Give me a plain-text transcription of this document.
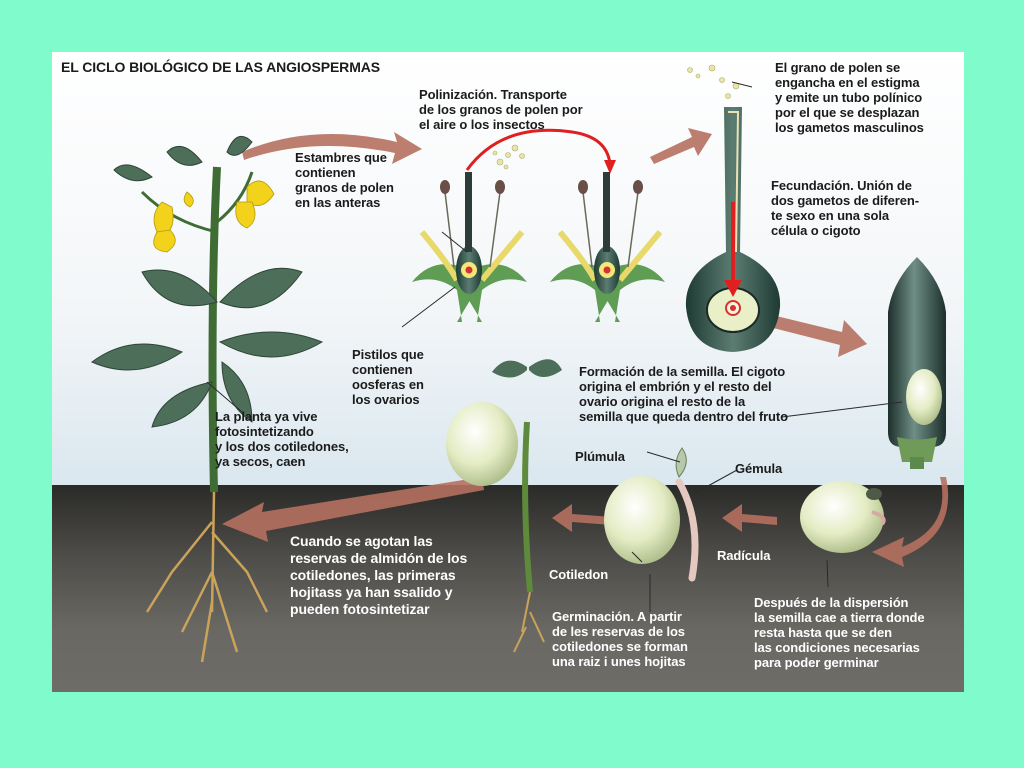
EL CICLO BIOLÓGICO DE LAS ANGIOSPERMAS
Polinización. Transporte
de los granos de polen por
el aire o los insectos
El grano de polen se
engancha en el estigma
y emite un tubo polínico
por el que se desplazan
los gametos masculinos
Estambres que
contienen
granos de polen
en las anteras
Fecundación. Unión de
dos gametos de diferen-
te sexo en una sola
célula o cigoto
Pistilos que
contienen
oosferas en
los ovarios
Formación de la semilla. El cigoto
origina el embrión y el resto del
ovario origina el resto de la
semilla que queda dentro del fruto
La planta ya vive
fotosintetizando
y los dos cotiledones,
ya secos, caen	Plúmula
Gémula
Radícula
Cotiledon
Cuando se agotan las
reservas de almidón de los
cotiledones, las primeras
hojitass ya han ssalido y
pueden fotosintetizar	Germinación. A partir
de les reservas de los
cotiledones se forman
una raiz i unes hojitas
Después de la dispersión
la semilla cae a tierra donde
resta hasta que se den
las condiciones necesarias
para poder germinar
